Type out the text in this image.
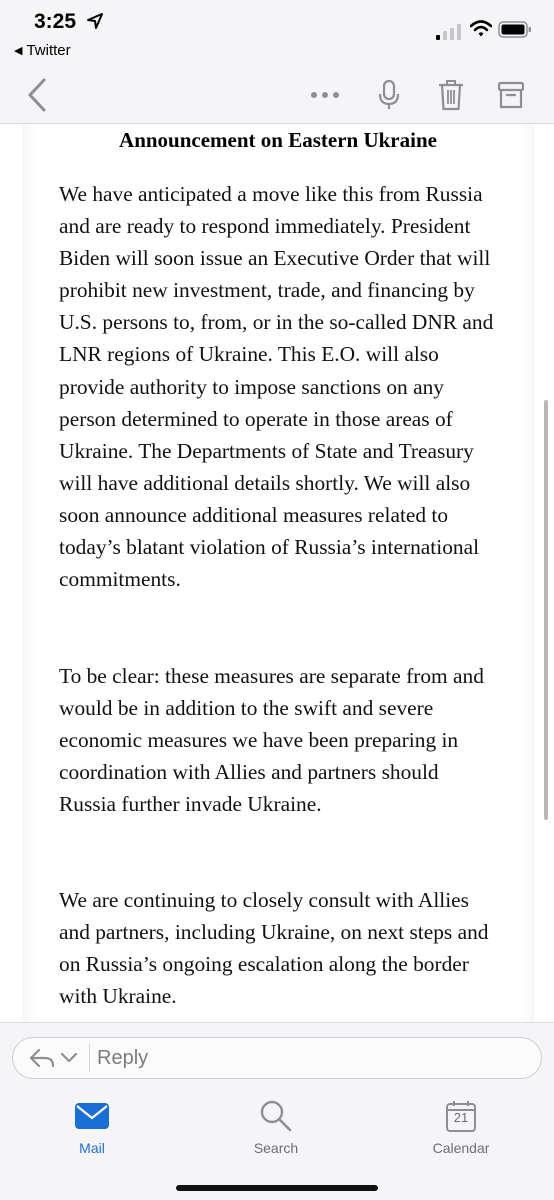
3:25
◀ Twitter
Announcement on Eastern Ukraine

We have anticipated a move like this from Russia and are ready to respond immediately. President Biden will soon issue an Executive Order that will prohibit new investment, trade, and financing by U.S. persons to, from, or in the so-called DNR and LNR regions of Ukraine. This E.O. will also provide authority to impose sanctions on any person determined to operate in those areas of Ukraine. The Departments of State and Treasury will have additional details shortly. We will also soon announce additional measures related to today’s blatant violation of Russia’s international commitments.

To be clear: these measures are separate from and would be in addition to the swift and severe economic measures we have been preparing in coordination with Allies and partners should Russia further invade Ukraine.

We are continuing to closely consult with Allies and partners, including Ukraine, on next steps and on Russia’s ongoing escalation along the border with Ukraine.

Reply
Mail	Search
21
Calendar
